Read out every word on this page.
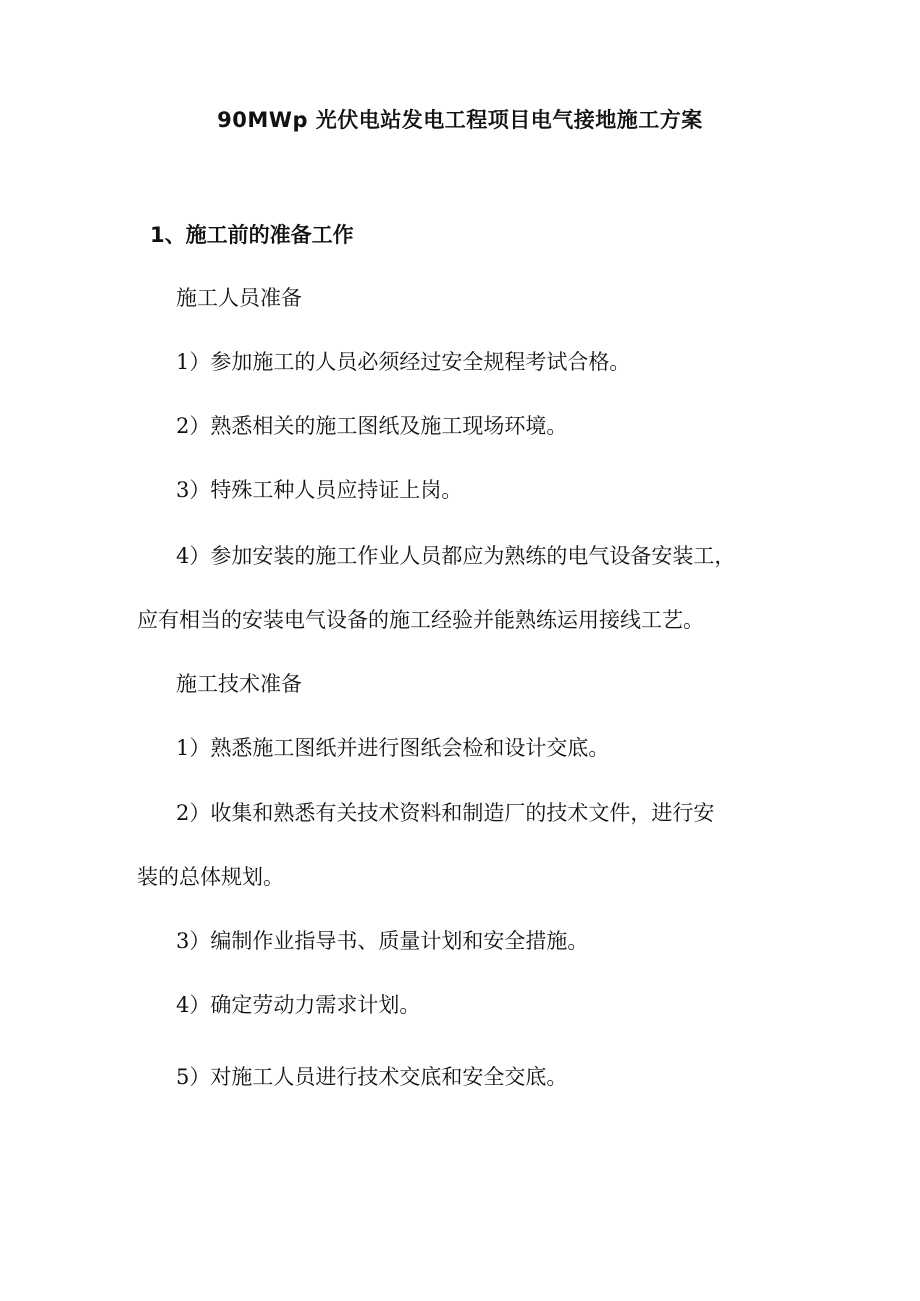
90MWp 光伏电站发电工程项目电气接地施工方案
1、施工前的准备工作
施工人员准备
1）参加施工的人员必须经过安全规程考试合格。
2）熟悉相关的施工图纸及施工现场环境。
3）特殊工种人员应持证上岗。
4）参加安装的施工作业人员都应为熟练的电气设备安装工，
应有相当的安装电气设备的施工经验并能熟练运用接线工艺。
施工技术准备
1）熟悉施工图纸并进行图纸会检和设计交底。
2）收集和熟悉有关技术资料和制造厂的技术文件，进行安
装的总体规划。
3）编制作业指导书、质量计划和安全措施。
4）确定劳动力需求计划。
5）对施工人员进行技术交底和安全交底。
